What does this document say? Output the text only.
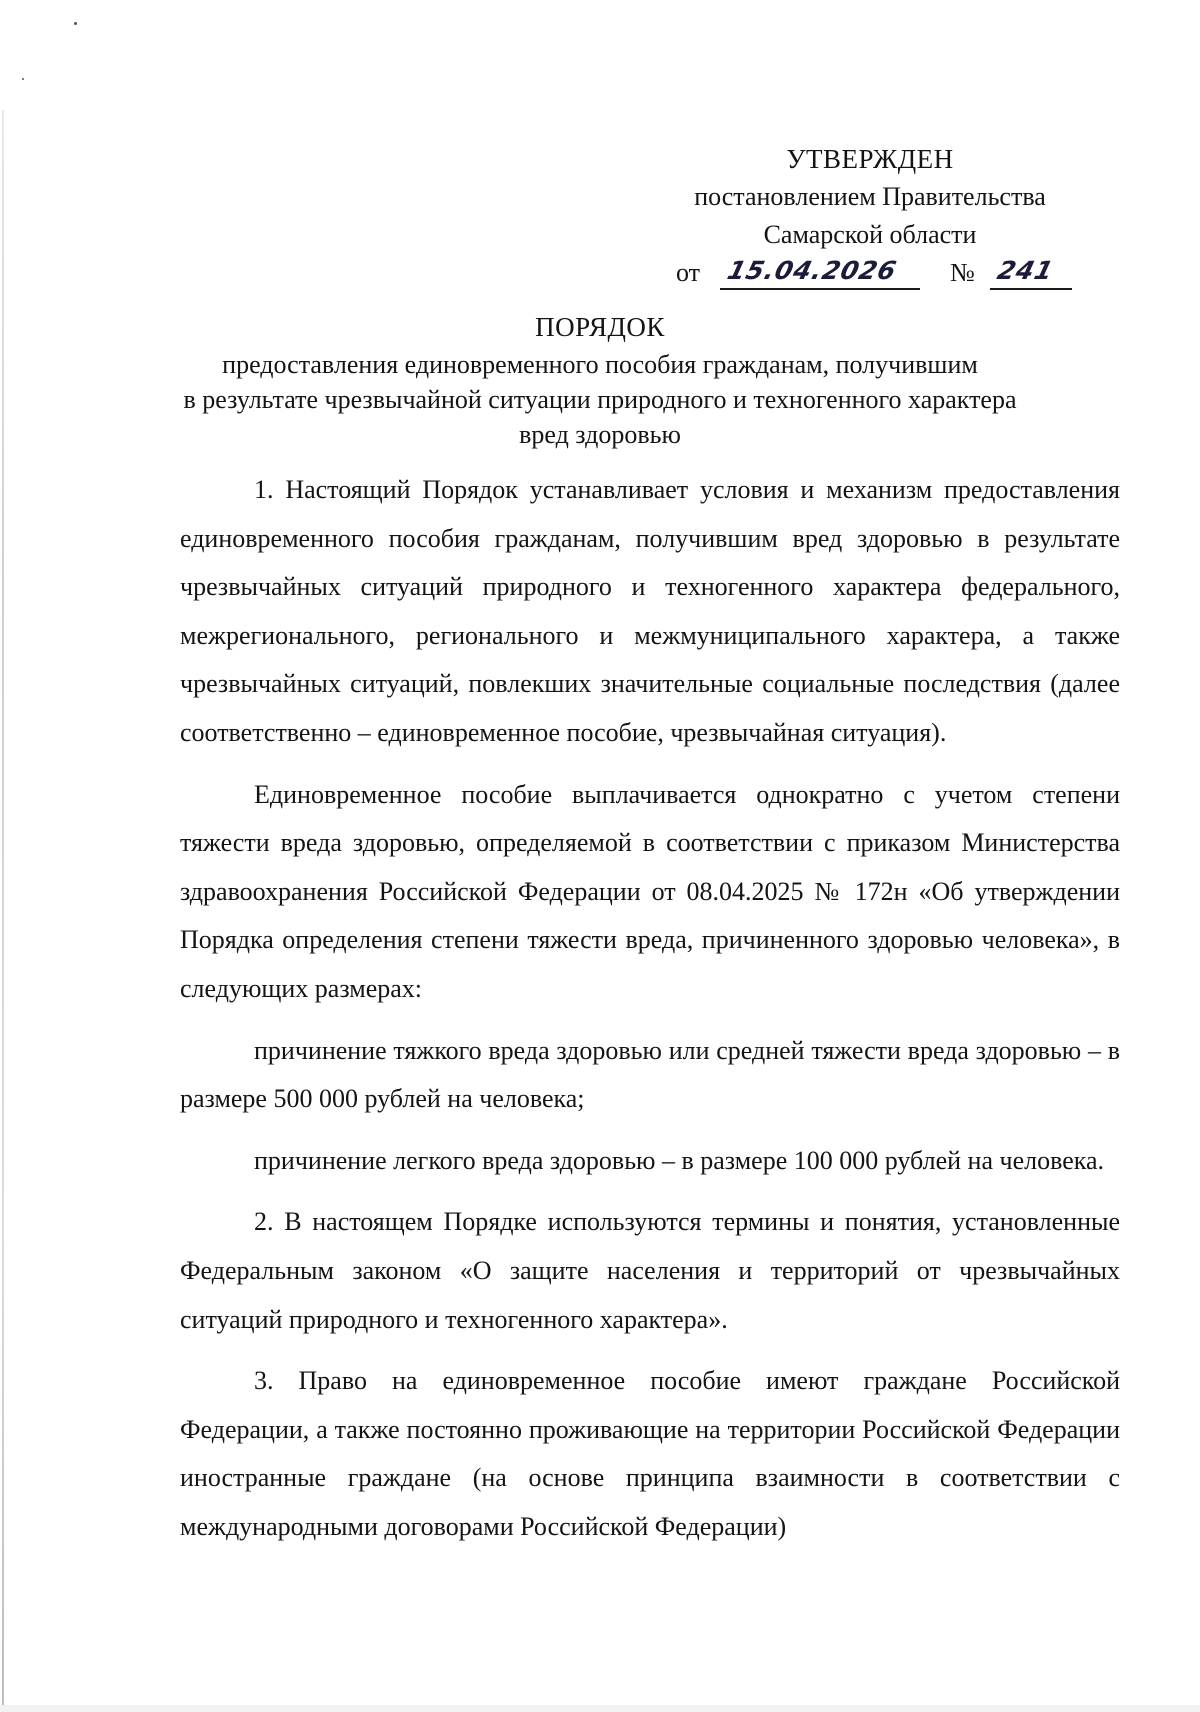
УТВЕРЖДЕН
постановлением Правительства
Самарской области
от 15.04.2026 № 241
ПОРЯДОК
предоставления единовременного пособия гражданам, получившим
в результате чрезвычайной ситуации природного и техногенного характера
вред здоровью

1. Настоящий Порядок устанавливает условия и механизм предоставления единовременного пособия гражданам, получившим вред здоровью в результате чрезвычайных ситуаций природного и техногенного характера федерального, межрегионального, регионального и межмуниципального характера, а также чрезвычайных ситуаций, повлекших значительные социальные последствия (далее соответственно – единовременное пособие, чрезвычайная ситуация).

Единовременное пособие выплачивается однократно с учетом степени тяжести вреда здоровью, определяемой в соответствии с приказом Министерства здравоохранения Российской Федерации от 08.04.2025 № 172н «Об утверждении Порядка определения степени тяжести вреда, причиненного здоровью человека», в следующих размерах:

причинение тяжкого вреда здоровью или средней тяжести вреда здоровью – в размере 500 000 рублей на человека;

причинение легкого вреда здоровью – в размере 100 000 рублей на человека.

2. В настоящем Порядке используются термины и понятия, установленные Федеральным законом «О защите населения и территорий от чрезвычайных ситуаций природного и техногенного характера».

3. Право на единовременное пособие имеют граждане Российской Федерации, а также постоянно проживающие на территории Российской Федерации иностранные граждане (на основе принципа взаимности в соответствии с международными договорами Российской Федерации)
